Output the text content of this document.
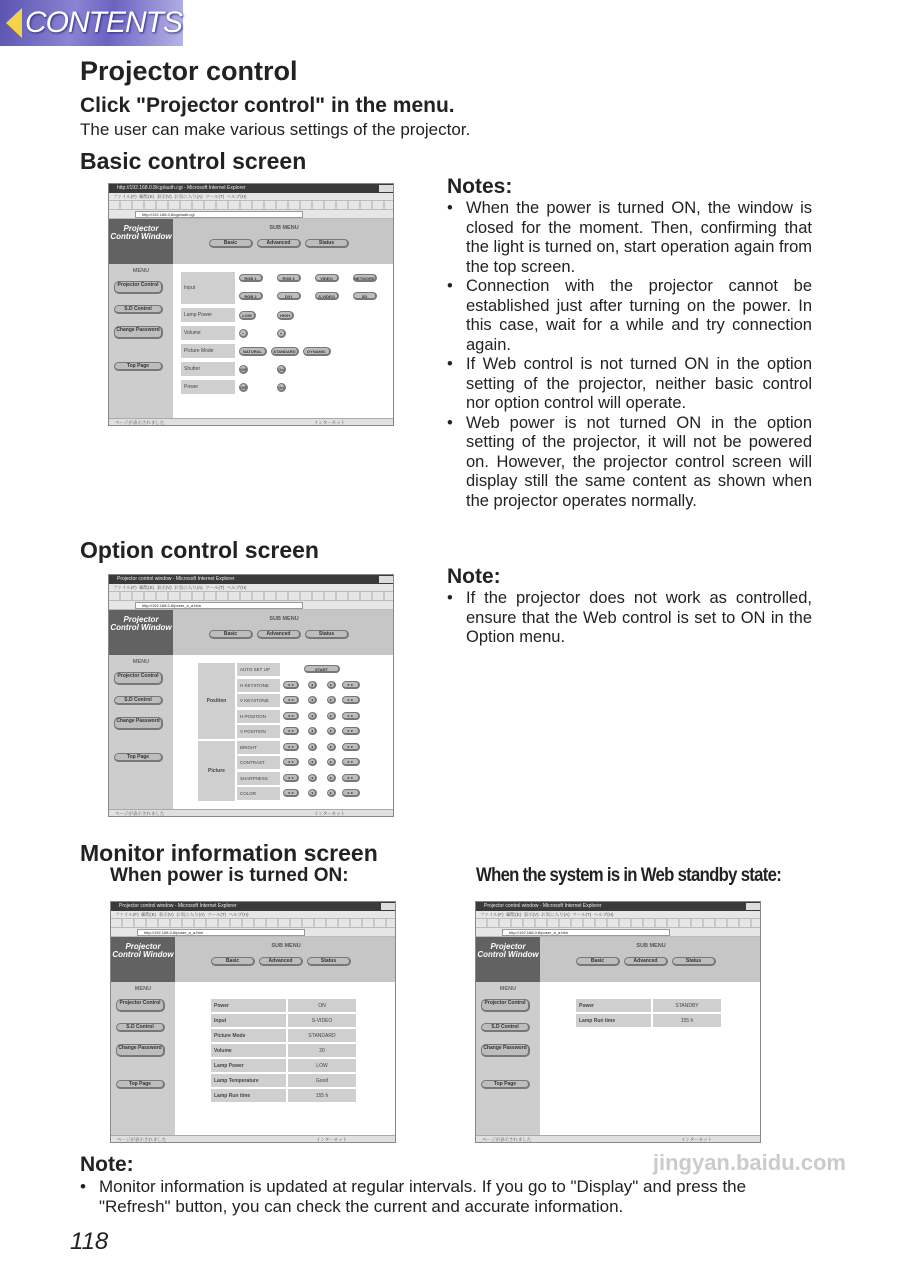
CONTENTS
Projector control
Click "Projector control" in the menu.
The user can make various settings of the projector.
Basic control screen
Option control screen
Monitor information screen
When power is turned ON:	When the system is in Web standby state:
Notes:
• When the power is turned ON, the window is closed for the moment. Then, confirming that the light is turned on, start operation again from the top screen.
• Connection with the projector cannot be established just after turning on the power. In this case, wait for a while and try connection again.
• If Web control is not turned ON in the option setting of the projector, neither basic control nor option control will operate.
• Web power is not turned ON in the option setting of the projector, it will not be powered on. However, the projector control screen will display still the same content as shown when the projector operates normally.
Note:
• If the projector does not work as controlled, ensure that the Web control is set to ON in the Option menu.
Note:
• Monitor information is updated at regular intervals. If you go to "Display" and press the "Refresh" button, you can check the current and accurate information.
118
jingyan.baidu.com
http://192.168.0.8/cgi/auth.cgi - Microsoft Internet Explorer
ファイル(F)  編集(E)  表示(V)  お気に入り(A)  ツール(T)  ヘルプ(H)
http://192.168.0.8/cgi/auth.cgi
Projector Control Window
SUB MENU
Basic	Advanced	Status
MENU
Projector Control
S.D Control
Change Password
Top Page
ページが表示されました	インターネット
Input
RGB 1	RGB 3	VIDEO	NETWORK
RGB 2	DVI	S-VIDEO	SD
Lamp Power	LOW	HIGH
Volume	−	+
Picture Mode	NATURAL	STANDARD	DYNAMIC
Shutter	Off	On
Power	Off	On
Projector control window - Microsoft Internet Explorer
ファイル(F)  編集(E)  表示(V)  お気に入り(A)  ツール(T)  ヘルプ(H)
http://192.168.0.8/poser_a_a.htm
Projector Control Window
SUB MENU
Basic	Advanced	Status
MENU
Projector Control
S.D Control
Change Password
Top Page
ページが表示されました	インターネット
Position
AUTO SET UP	START
H KEYSTONE	◄◄	◄	►	►►
V KEYSTONE	◄◄	◄	►	►►
H POSITION	◄◄	◄	►	►►
V POSITION	◄◄	◄	►	►►
Picture
BRIGHT	◄◄	◄	►	►►
CONTRAST	◄◄	◄	►	►►
SHARPNESS	◄◄	◄	►	►►
COLOR	◄◄	◄	►	►►
Projector control window - Microsoft Internet Explorer
ファイル(F)  編集(E)  表示(V)  お気に入り(A)  ツール(T)  ヘルプ(H)
http://192.168.0.8/poser_a_a.htm
Projector Control Window
SUB MENU
Basic	Advanced	Status
MENU
Projector Control
S.D Control
Change Password
Top Page
ページが表示されました	インターネット
Power	ON
Input	S-VIDEO
Picture Mode	STANDARD
Volume	20
Lamp Power	LOW
Lamp Temperature	Good
Lamp Run time	155 h
Projector control window - Microsoft Internet Explorer
ファイル(F)  編集(E)  表示(V)  お気に入り(A)  ツール(T)  ヘルプ(H)
http://192.168.0.8/poser_a_a.htm
Projector Control Window
SUB MENU
Basic	Advanced	Status
MENU
Projector Control
S.D Control
Change Password
Top Page
ページが表示されました	インターネット
Power	STANDBY
Lamp Run time	155 h
